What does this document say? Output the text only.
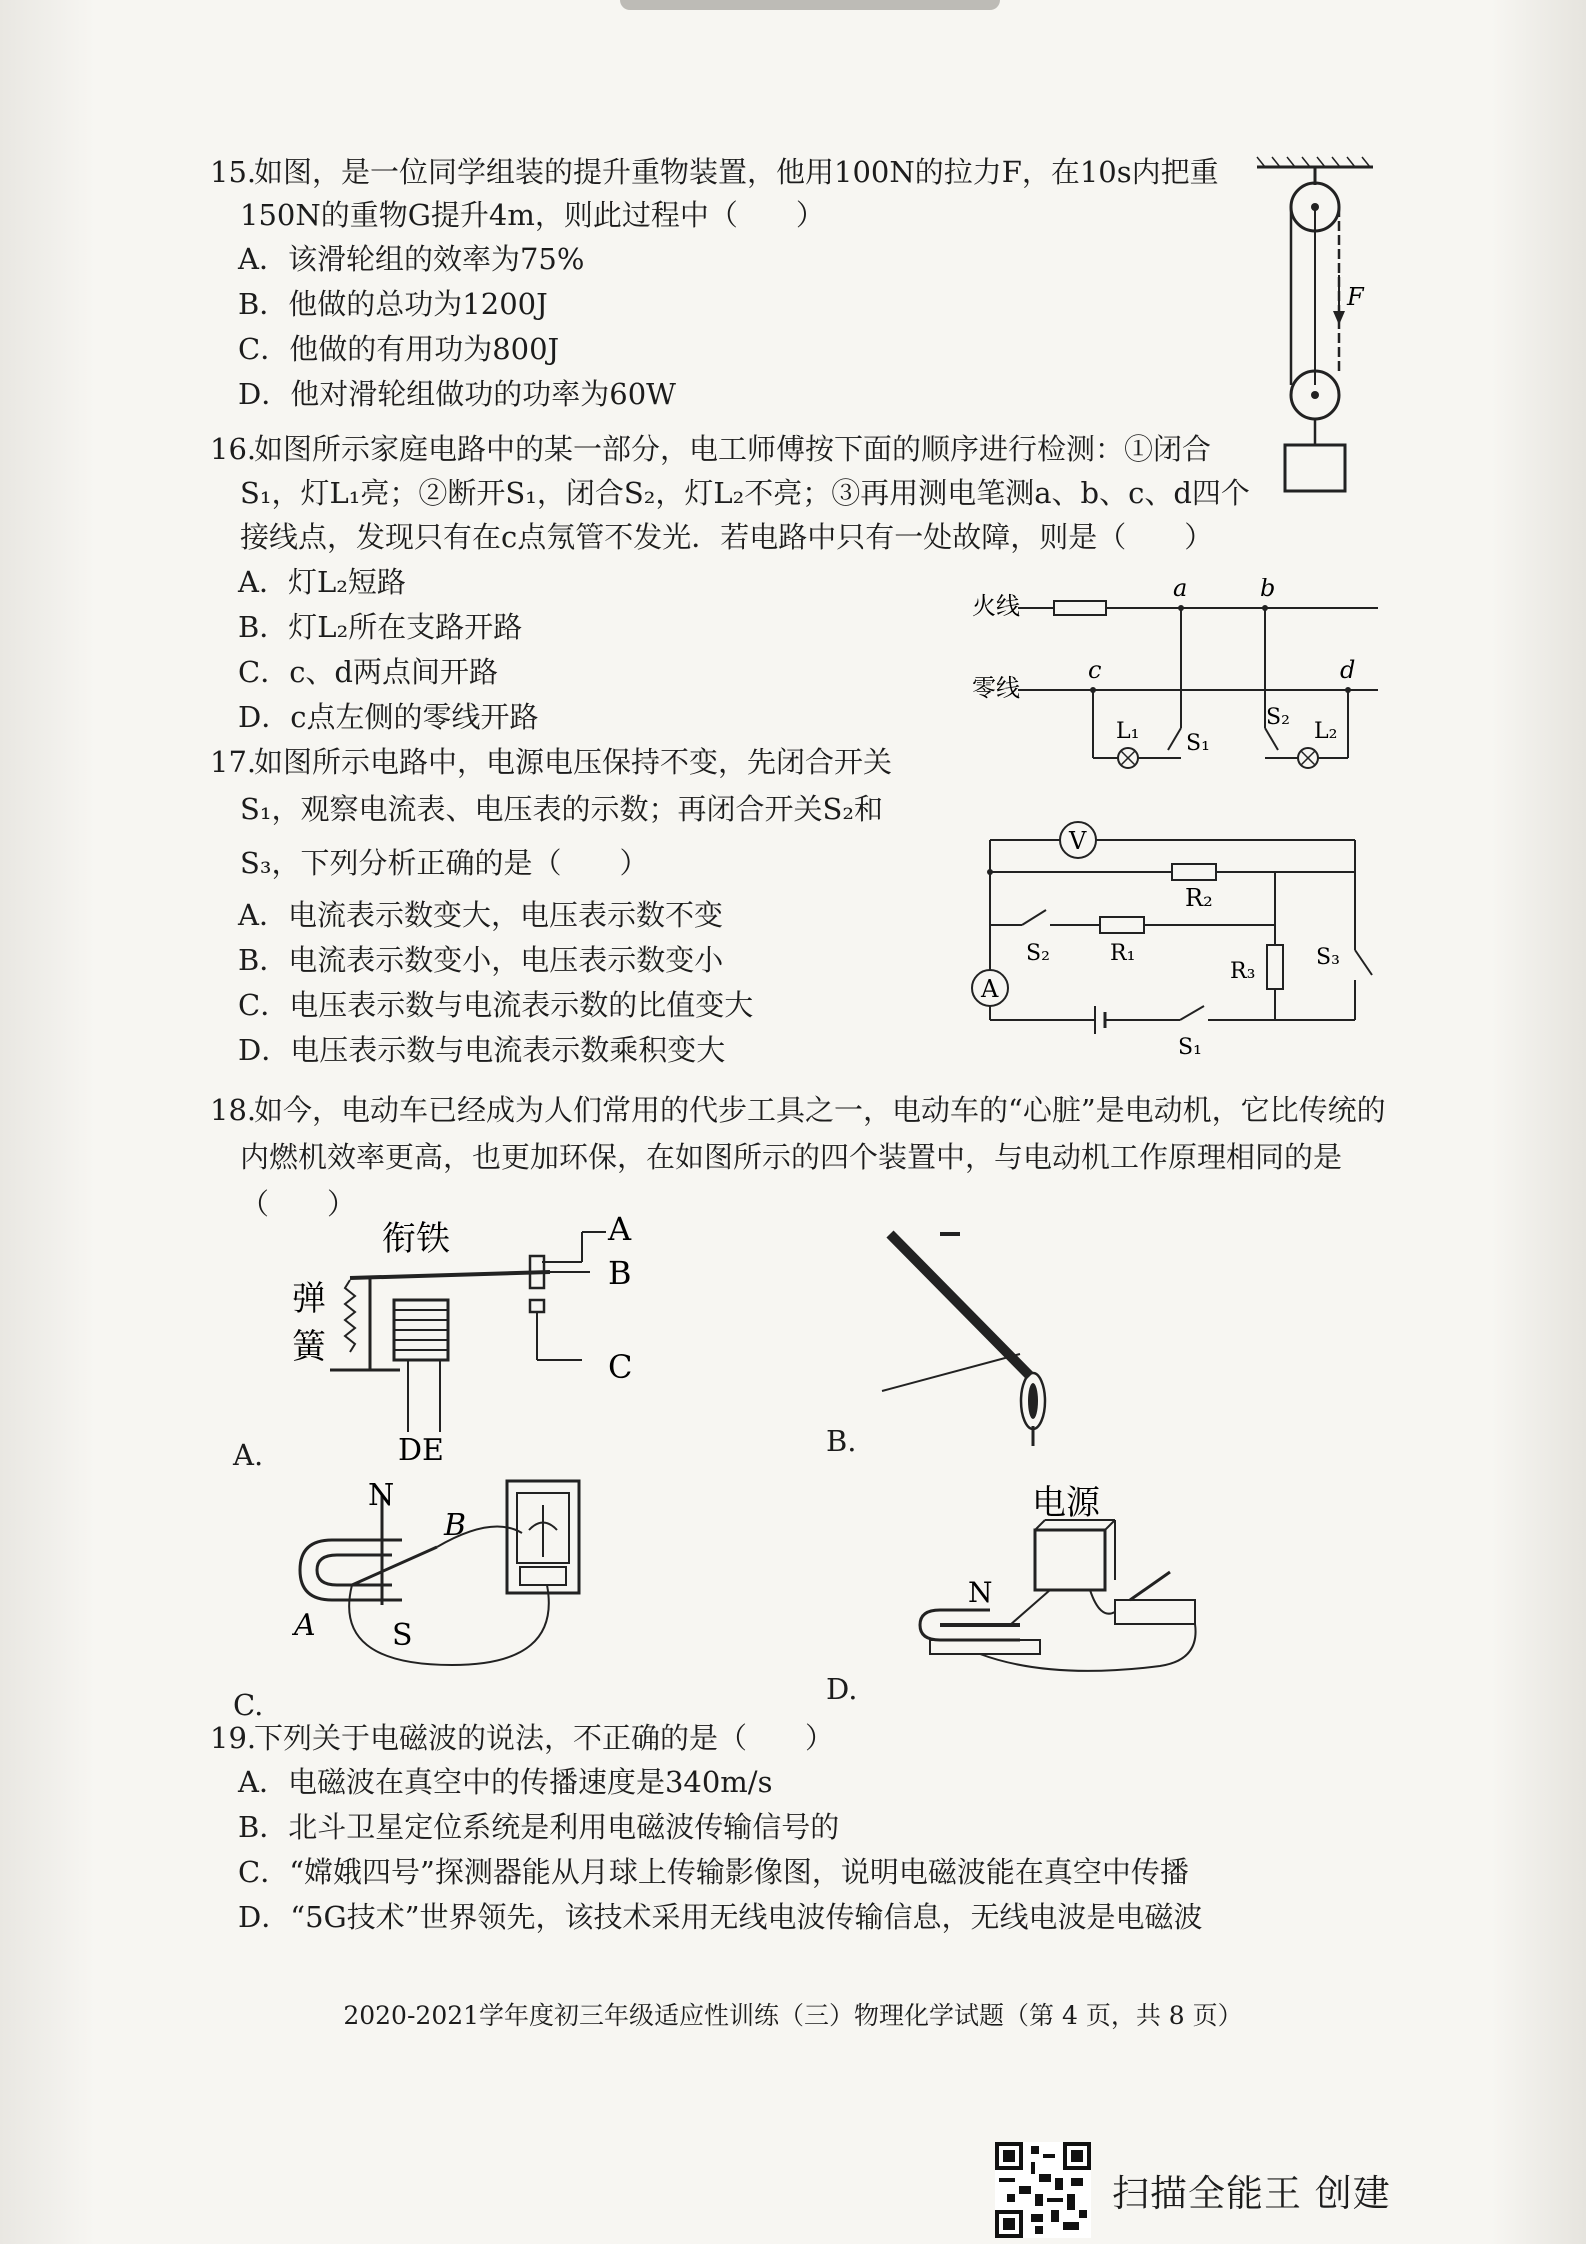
15.
如图，是一位同学组装的提升重物装置，他用100N的拉力F，在10s内把重
150N的重物G提升4m，则此过程中（　　）
A．该滑轮组的效率为75%
B．他做的总功为1200J
C．他做的有用功为800J
D．他对滑轮组做功的功率为60W
F
16.
如图所示家庭电路中的某一部分，电工师傅按下面的顺序进行检测：①闭合
S₁，灯L₁亮；②断开S₁，闭合S₂，灯L₂不亮；③再用测电笔测a、b、c、d四个
接线点，发现只有在c点氖管不发光．若电路中只有一处故障，则是（　　）
A．灯L₂短路
B．灯L₂所在支路开路
C．c、d两点间开路
D．c点左侧的零线开路
火线
零线
a	b
c	d
L₁ S₁
S₂
L₂
17.
如图所示电路中，电源电压保持不变，先闭合开关
S₁，观察电流表、电压表的示数；再闭合开关S₂和
S₃，下列分析正确的是（　　）
A．电流表示数变大，电压表示数不变
B．电流表示数变小，电压表示数变小
C．电压表示数与电流表示数的比值变大
D．电压表示数与电流表示数乘积变大
V
R₂
S₂	R₁
R₃
S₃
A
S₁
18.
如今，电动车已经成为人们常用的代步工具之一，电动车的“心脏”是电动机，它比传统的
内燃机效率更高，也更加环保，在如图所示的四个装置中，与电动机工作原理相同的是
（　　）
衔铁
弹
簧
DE
A
B
C
A.	B.
N
B
A	S
C.
电源
N
D.
19.
下列关于电磁波的说法，不正确的是（　　）
A．电磁波在真空中的传播速度是340m/s
B．北斗卫星定位系统是利用电磁波传输信号的
C．“嫦娥四号”探测器能从月球上传输影像图，说明电磁波能在真空中传播
D．“5G技术”世界领先，该技术采用无线电波传输信息，无线电波是电磁波
2020-2021学年度初三年级适应性训练（三）物理化学试题（第 4 页，共 8 页）
扫描全能王 创建
